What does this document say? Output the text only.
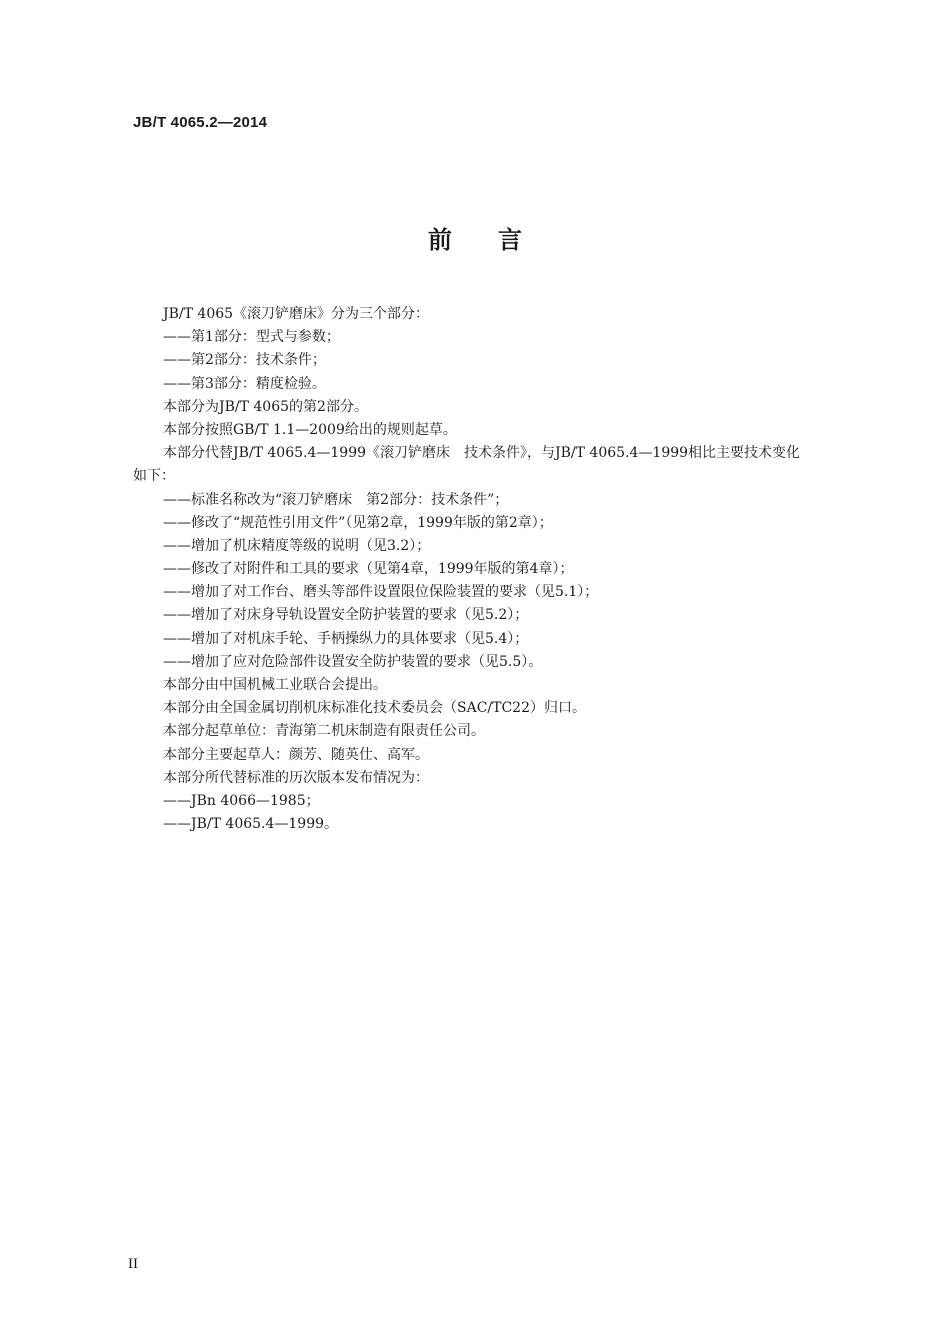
JB/T 4065.2—2014
前言
JB/T 4065《滚刀铲磨床》分为三个部分：
——第1部分：型式与参数；
——第2部分：技术条件；
——第3部分：精度检验。
本部分为JB/T 4065的第2部分。
本部分按照GB/T 1.1—2009给出的规则起草。
本部分代替JB/T 4065.4—1999《滚刀铲磨床　技术条件》，与JB/T 4065.4—1999相比主要技术变化
如下：
——标准名称改为“滚刀铲磨床　第2部分：技术条件”；
——修改了“规范性引用文件”（见第2章，1999年版的第2章）；
——增加了机床精度等级的说明（见3.2）；
——修改了对附件和工具的要求（见第4章，1999年版的第4章）；
——增加了对工作台、磨头等部件设置限位保险装置的要求（见5.1）；
——增加了对床身导轨设置安全防护装置的要求（见5.2）；
——增加了对机床手轮、手柄操纵力的具体要求（见5.4）；
——增加了应对危险部件设置安全防护装置的要求（见5.5）。
本部分由中国机械工业联合会提出。
本部分由全国金属切削机床标准化技术委员会（SAC/TC22）归口。
本部分起草单位：青海第二机床制造有限责任公司。
本部分主要起草人：颜芳、随英仕、高军。
本部分所代替标准的历次版本发布情况为：
——JBn 4066—1985；
——JB/T 4065.4—1999。
II
